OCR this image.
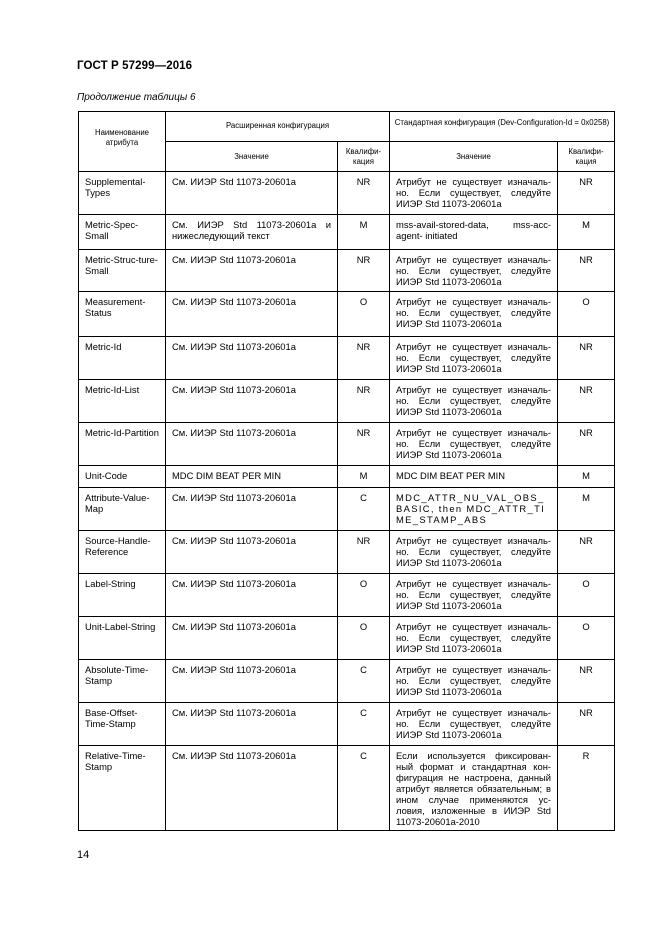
ГОСТ Р 57299—2016
Продолжение таблицы 6
Наименование атрибута	Расширенная конфигурация		Стандартная конфигурация (Dev-Configuration-Id = 0x0258)	
	Значение	Квалифи-кация	Значение	Квалифи-кация
Supplemental-Types	См. ИИЭР Std 11073-20601a	NR	Атрибут не существует изначаль-но. Если существует, следуйте ИИЭР Std 11073-20601a	NR
Metric-Spec-Small	См. ИИЭР Std 11073-20601a и нижеследующий текст	M	mss-avail-stored-data, mss-acc-agent- initiated	M
Metric-Struc-ture-Small	См. ИИЭР Std 11073-20601a	NR	Атрибут не существует изначаль-но. Если существует, следуйте ИИЭР Std 11073-20601a	NR
Measurement-Status	См. ИИЭР Std 11073-20601a	O	Атрибут не существует изначаль-но. Если существует, следуйте ИИЭР Std 11073-20601a	O
Metric-Id	См. ИИЭР Std 11073-20601a	NR	Атрибут не существует изначаль-но. Если существует, следуйте ИИЭР Std 11073-20601a	NR
Metric-Id-List	См. ИИЭР Std 11073-20601a	NR	Атрибут не существует изначаль-но. Если существует, следуйте ИИЭР Std 11073-20601a	NR
Metric-Id-Partition	См. ИИЭР Std 11073-20601a	NR	Атрибут не существует изначаль-но. Если существует, следуйте ИИЭР Std 11073-20601a	NR
Unit-Code	MDC DIM BEAT PER MIN	M	MDC DIM BEAT PER MIN	M
Attribute-Value-Map	См. ИИЭР Std 11073-20601a	C	MDC_ATTR_NU_VAL_OBS_BASIC, then MDC_ATTR_TIME_STAMP_ABS	M
Source-Handle-Reference	См. ИИЭР Std 11073-20601a	NR	Атрибут не существует изначаль-но. Если существует, следуйте ИИЭР Std 11073-20601a	NR
Label-String	См. ИИЭР Std 11073-20601a	O	Атрибут не существует изначаль-но. Если существует, следуйте ИИЭР Std 11073-20601a	O
Unit-Label-String	См. ИИЭР Std 11073-20601a	O	Атрибут не существует изначаль-но. Если существует, следуйте ИИЭР Std 11073-20601a	O
Absolute-Time-Stamp	См. ИИЭР Std 11073-20601a	C	Атрибут не существует изначаль-но. Если существует, следуйте ИИЭР Std 11073-20601a	NR
Base-Offset-Time-Stamp	См. ИИЭР Std 11073-20601a	C	Атрибут не существует изначаль-но. Если существует, следуйте ИИЭР Std 11073-20601a	NR
Relative-Time-Stamp	См. ИИЭР Std 11073-20601a	C	Если используется фиксирован-ный формат и стандартная кон-фигурация не настроена, данный атрибут является обязательным; в ином случае применяются ус-ловия, изложенные в ИИЭР Std 11073-20601a-2010	R
14
